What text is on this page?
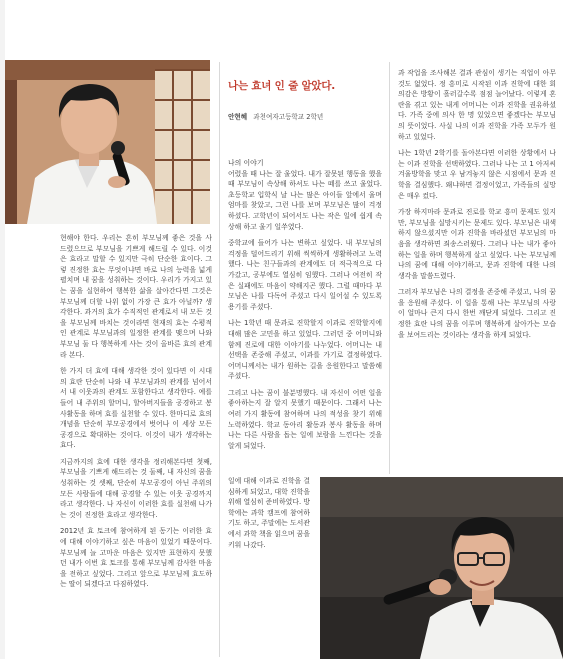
나는 효녀 인 줄 알았다.
안현혜 과천여자고등학교 2학년

현해야 한다. 우리는 흔히 부모님께 좋은 것을 사 드렸으므로 부모님을 기쁘게 해드릴 수 있다. 이것은 효라고 말할 수 있지만 극히 단순한 효이다. 그렇 진정한 효는 무엇이냐면 바로 나의 능력을 넓게 펼치며 내 꿈을 성취하는 것이다. 우리가 가지고 있는 꿈을 실현하여 행복한 삶을 살아간다면 그것은 부모님께 더할 나위 없이 가장 큰 효가 아닐까? 생각한다. 과거의 효가 수직적인 관계로서 내 모든 것을 부모님께 바치는 것이라면 현재의 효는 수평적인 관계로 부모님과의 일정한 관계를 맺으며 나와 부모님 둘 다 행복하게 사는 것이 올바른 효의 관계라 본다.

한 가지 더 효에 대해 생각한 것이 있다면 이 시대의 효란 단순히 나와 내 부모님과의 관계를 넘어서서 내 이웃과의 관계도 포함한다고 생각한다. 예를 들어 내 주위의 할머니, 할아버지들을 공경하고 봉사활동을 하며 효를 실천할 수 있다. 한마디로 효의 개념을 단순히 부모공경에서 벗어나 이 세상 모든 공경으로 확대하는 것이다. 이것이 내가 생각하는 효다.

지금까지의 효에 대한 생각을 정리해본다면 첫째, 부모님을 기쁘게 해드리는 것 둘째, 내 자신의 꿈을 성취하는 것 셋째, 단순히 부모공경이 아닌 주위의 모든 사람들에 대해 공경할 수 있는 이웃 공경까지 라고 생각한다. 나 자신이 이러한 효를 실천해 나가는 것이 진정한 효라고 생각한다.

2012년 효 토크에 참여하게 된 동기는 이러한 효에 대해 이야기하고 싶은 마음이 있었기 때문이다. 부모님께 늘 고마운 마음은 있지만 표현하지 못했던 내가 이번 효 토크를 통해 부모님께 감사한 마음을 전하고 싶었다. 그리고 앞으로 부모님께 효도하는 딸이 되겠다고 다짐하였다.

나의 이야기

어렸을 때 나는 잘 울었다. 내가 잘못된 행동을 했을 때 부모님이 속상해 하셔도 나는 떼를 쓰고 울었다. 초등학교 입학식 날 나는 많은 아이들 앞에서 울며 엄마를 찾았고, 그런 나를 보며 부모님은 많이 걱정하셨다. 고학년이 되어서도 나는 작은 일에 쉽게 속상해 하고 울기 일쑤였다.

중학교에 들어가 나는 변하고 싶었다. 내 부모님의 걱정을 덜어드리기 위해 씩씩하게 생활하려고 노력했다. 나는 친구들과의 관계에도 더 적극적으로 다가갔고, 공부에도 열심히 임했다. 그러나 여전히 작은 실패에도 마음이 약해지곤 했다. 그럴 때마다 부모님은 나를 다독여 주셨고 다시 일어설 수 있도록 용기를 주셨다.

나는 1학년 때 문과로 진학할지 이과로 진학할지에 대해 많은 고민을 하고 있었다. 그러던 중 어머니와 함께 진로에 대한 이야기를 나누었다. 어머니는 내 선택을 존중해 주셨고, 이과를 가기로 결정하였다. 어머니께서는 내가 원하는 길을 응원한다고 말씀해 주셨다.

그리고 나는 꿈이 불분명했다. 내 자신이 어떤 일을 좋아하는지 잘 알지 못했기 때문이다. 그래서 나는 여러 가지 활동에 참여하며 나의 적성을 찾기 위해 노력하였다. 학교 동아리 활동과 봉사 활동을 하며 나는 다른 사람을 돕는 일에 보람을 느낀다는 것을 알게 되었다.

일에 대해 이과로 진학을 결심하게 되었고, 대학 진학을 위해 열심히 준비하였다. 방학에는 과학 캠프에 참여하기도 하고, 주말에는 도서관에서 과학 책을 읽으며 꿈을 키워 나갔다.

과 작업을 조사해본 결과 관심이 생기는 직업이 아무것도 없었다. 정 흥미로 시작된 이과 진학에 대한 회의감은 방황이 흘러갈수록 점점 늘어났다. 이렇게 혼란을 겪고 있는 내게 어머니는 이과 진학을 권유하셨다. 가족 중에 의사 한 명 있었으면 좋겠다는 부모님의 뜻이었다. 사실 나의 이과 진학을 가족 모두가 원하고 있었다.

나는 1학년 2학기를 돌아본다면 이러한 상황에서 나는 이과 진학을 선택하였다. 그러나 나는 고 1 아저씨 겨울방학을 맞고 우 남겨놓지 않은 시점에서 문과 진학을 결심했다. 왜냐하면 결정이었고, 가족들의 실망은 매우 컸다.

가장 하지마라 문과로 진로를 학교 흥미 문제도 있지만, 부모님을 실망시키는 문제도 있다. 부모님은 내색하지 않으셨지만 이과 진학을 바라셨던 부모님의 마음을 생각하면 죄송스러웠다. 그러나 나는 내가 좋아하는 일을 하며 행복하게 살고 싶었다. 나는 부모님께 나의 꿈에 대해 이야기하고, 문과 진학에 대한 나의 생각을 말씀드렸다.

그러자 부모님은 나의 결정을 존중해 주셨고, 나의 꿈을 응원해 주셨다. 이 일을 통해 나는 부모님의 사랑이 얼마나 큰지 다시 한번 깨닫게 되었다. 그리고 진정한 효란 나의 꿈을 이루며 행복하게 살아가는 모습을 보여드리는 것이라는 생각을 하게 되었다.
